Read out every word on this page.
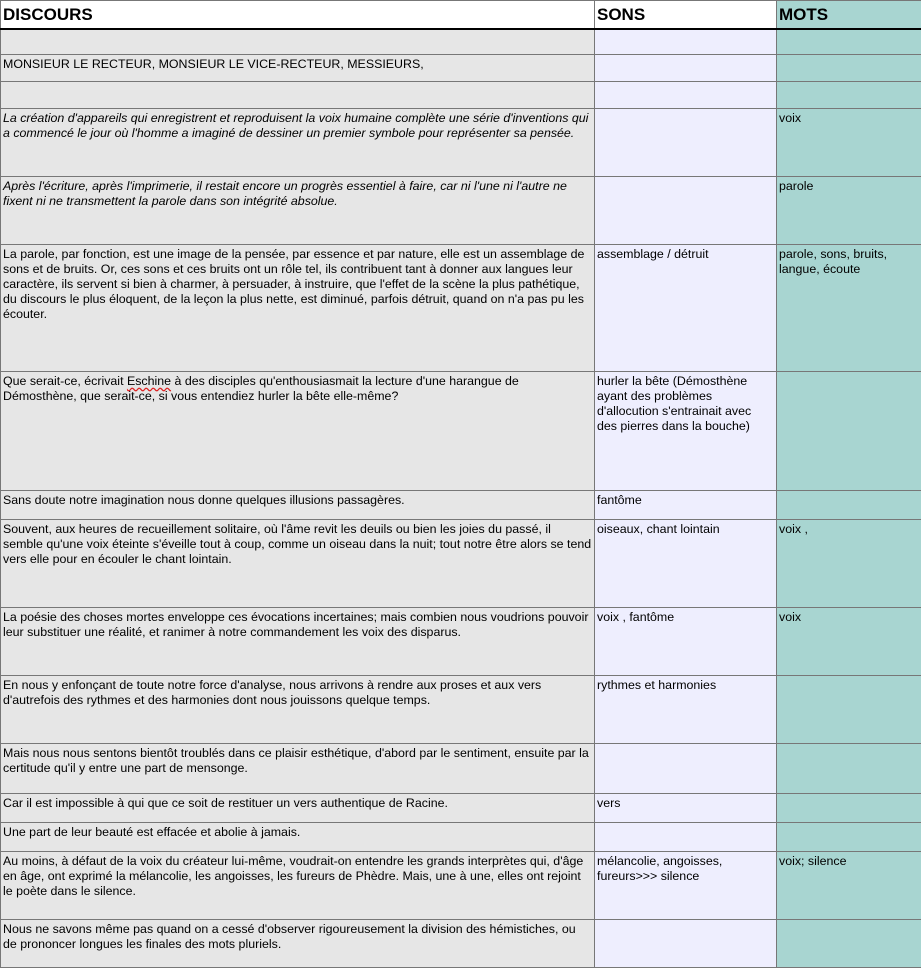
DISCOURS	SONS	MOTS

MONSIEUR LE RECTEUR, MONSIEUR LE VICE-RECTEUR, MESSIEURS,		

La création d'appareils qui enregistrent et reproduisent la voix humaine complète une série d'inventions qui a commencé le jour où l'homme a imaginé de dessiner un premier symbole pour représenter sa pensée.		voix
Après l'écriture, après l'imprimerie, il restait encore un progrès essentiel à faire, car ni l'une ni l'autre ne fixent ni ne transmettent la parole dans son intégrité absolue.		parole
La parole, par fonction, est une image de la pensée, par essence et par nature, elle est un assemblage de sons et de bruits. Or, ces sons et ces bruits ont un rôle tel, ils contribuent tant à donner aux langues leur caractère, ils servent si bien à charmer, à persuader, à instruire, que l'effet de la scène la plus pathétique, du discours le plus éloquent, de la leçon la plus nette, est diminué, parfois détruit, quand on n'a pas pu les écouter.	assemblage / détruit	parole, sons, bruits, langue, écoute
Que serait-ce, écrivait Eschine à des disciples qu'enthousiasmait la lecture d'une harangue de Démosthène, que serait-ce, si vous entendiez hurler la bête elle-même?	hurler la bête (Démosthène ayant des problèmes d'allocution s'entrainait avec des pierres dans la bouche)	
Sans doute notre imagination nous donne quelques illusions passagères.	fantôme	
Souvent, aux heures de recueillement solitaire, où l'âme revit les deuils ou bien les joies du passé, il semble qu'une voix éteinte s'éveille tout à coup, comme un oiseau dans la nuit; tout notre être alors se tend vers elle pour en écouler le chant lointain.	oiseaux, chant lointain	voix ,
La poésie des choses mortes enveloppe ces évocations incertaines; mais combien nous voudrions pouvoir leur substituer une réalité, et ranimer à notre commandement les voix des disparus.	voix , fantôme	voix
En nous y enfonçant de toute notre force d'analyse, nous arrivons à rendre aux proses et aux vers d'autrefois des rythmes et des harmonies dont nous jouissons quelque temps.	rythmes et harmonies	
Mais nous nous sentons bientôt troublés dans ce plaisir esthétique, d'abord par le sentiment, ensuite par la certitude qu'il y entre une part de mensonge.		
Car il est impossible à qui que ce soit de restituer un vers authentique de Racine.	vers	
Une part de leur beauté est effacée et abolie à jamais.		
Au moins, à défaut de la voix du créateur lui-même, voudrait-on entendre les grands interprètes qui, d'âge en âge, ont exprimé la mélancolie, les angoisses, les fureurs de Phèdre. Mais, une à une, elles ont rejoint le poète dans le silence.	mélancolie, angoisses, fureurs>>> silence	voix; silence
Nous ne savons même pas quand on a cessé d'observer rigoureusement la division des hémistiches, ou de prononcer longues les finales des mots pluriels.		
